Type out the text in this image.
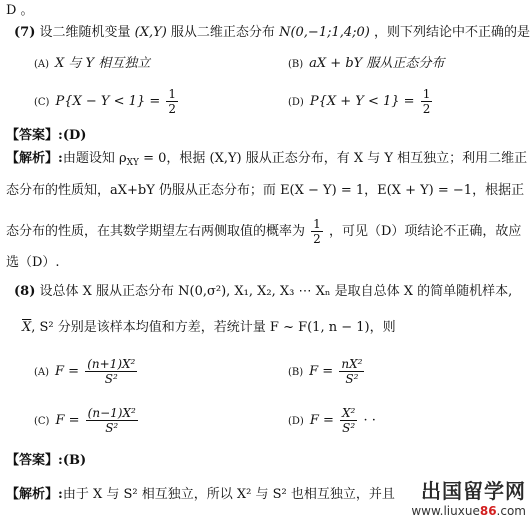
D 。
(7) 设二维随机变量 (X,Y) 服从二维正态分布 N(0,−1;1,4;0) ，则下列结论中不正确的是
(A) X 与 Y 相互独立	(B) aX + bY 服从正态分布
(C) $P\{X - Y < 1\} = \frac{1}{2}$	(D) $P\{X + Y < 1\} = \frac{1}{2}$
【答案】:(D)
【解析】:由题设知 $\rho_{XY} = 0$，根据 (X,Y) 服从正态分布，有 X 与 Y 相互独立；利用二维正
态分布的性质知，aX+bY 仍服从正态分布；而 E(X − Y) = 1，E(X + Y) = −1，根据正
态分布的性质，在其数学期望左右两侧取值的概率为 $\frac{1}{2}$ ，可见（D）项结论不正确，故应
选（D）.
(8) 设总体 X 服从正态分布 N(0,σ²), X₁, X₂, X₃ ⋯ Xₙ 是取自总体 X 的简单随机样本,
$\overline{X}$, S² 分别是该样本均值和方差，若统计量 F ~ F(1, n − 1)，则
(A) $F = \frac{\text{(n+1)X²}}{\text{S²}}$	(B) $F = \frac{\text{nX²}}{\text{S²}}$
(C) $F = \frac{\text{(n−1)X²}}{\text{S²}}$	(D) $F = \frac{\text{X²}}{\text{S²}}$ · ·
【答案】:(B)
【解析】:由于 X 与 S² 相互独立，所以 X² 与 S² 也相互独立，并且	出国留学网
www.liuxue86.com
